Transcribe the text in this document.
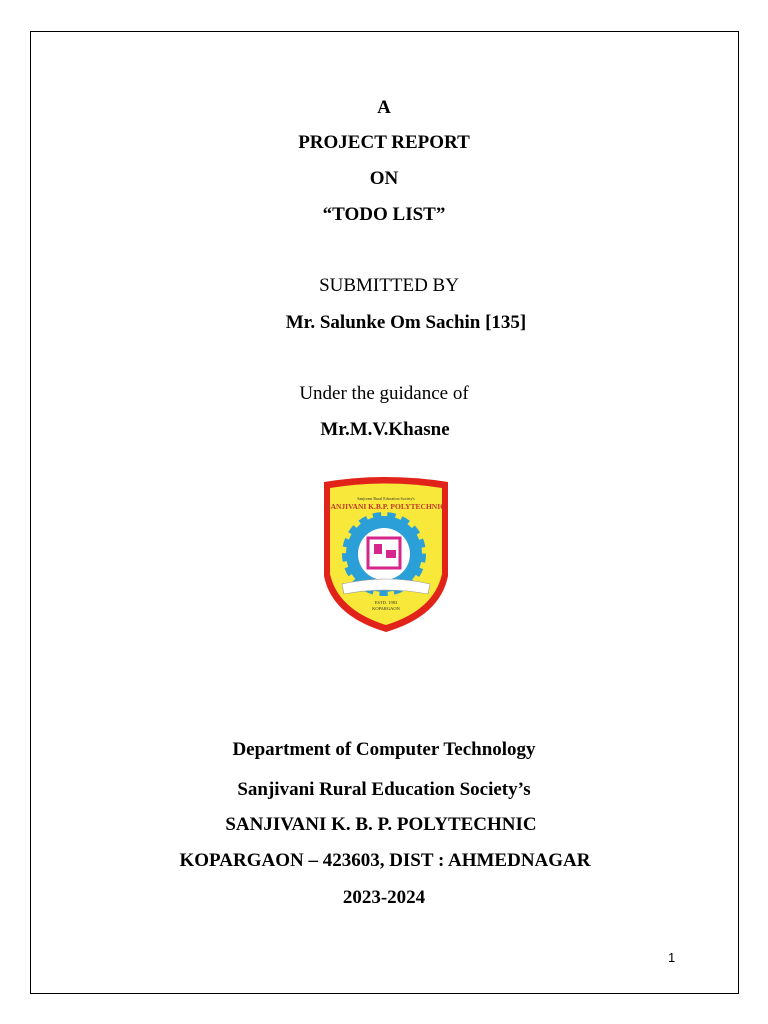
A
PROJECT REPORT
ON
“TODO LIST”
SUBMITTED BY
Mr. Salunke Om Sachin [135]
Under the guidance of
Mr.M.V.Khasne
Sanjivani Rural Education Society's
SANJIVANI K.B.P. POLYTECHNIC
ESTD. 1983
KOPARGAON
Department of Computer Technology
Sanjivani Rural Education Society’s
SANJIVANI K. B. P. POLYTECHNIC
KOPARGAON – 423603, DIST : AHMEDNAGAR
2023-2024
1
